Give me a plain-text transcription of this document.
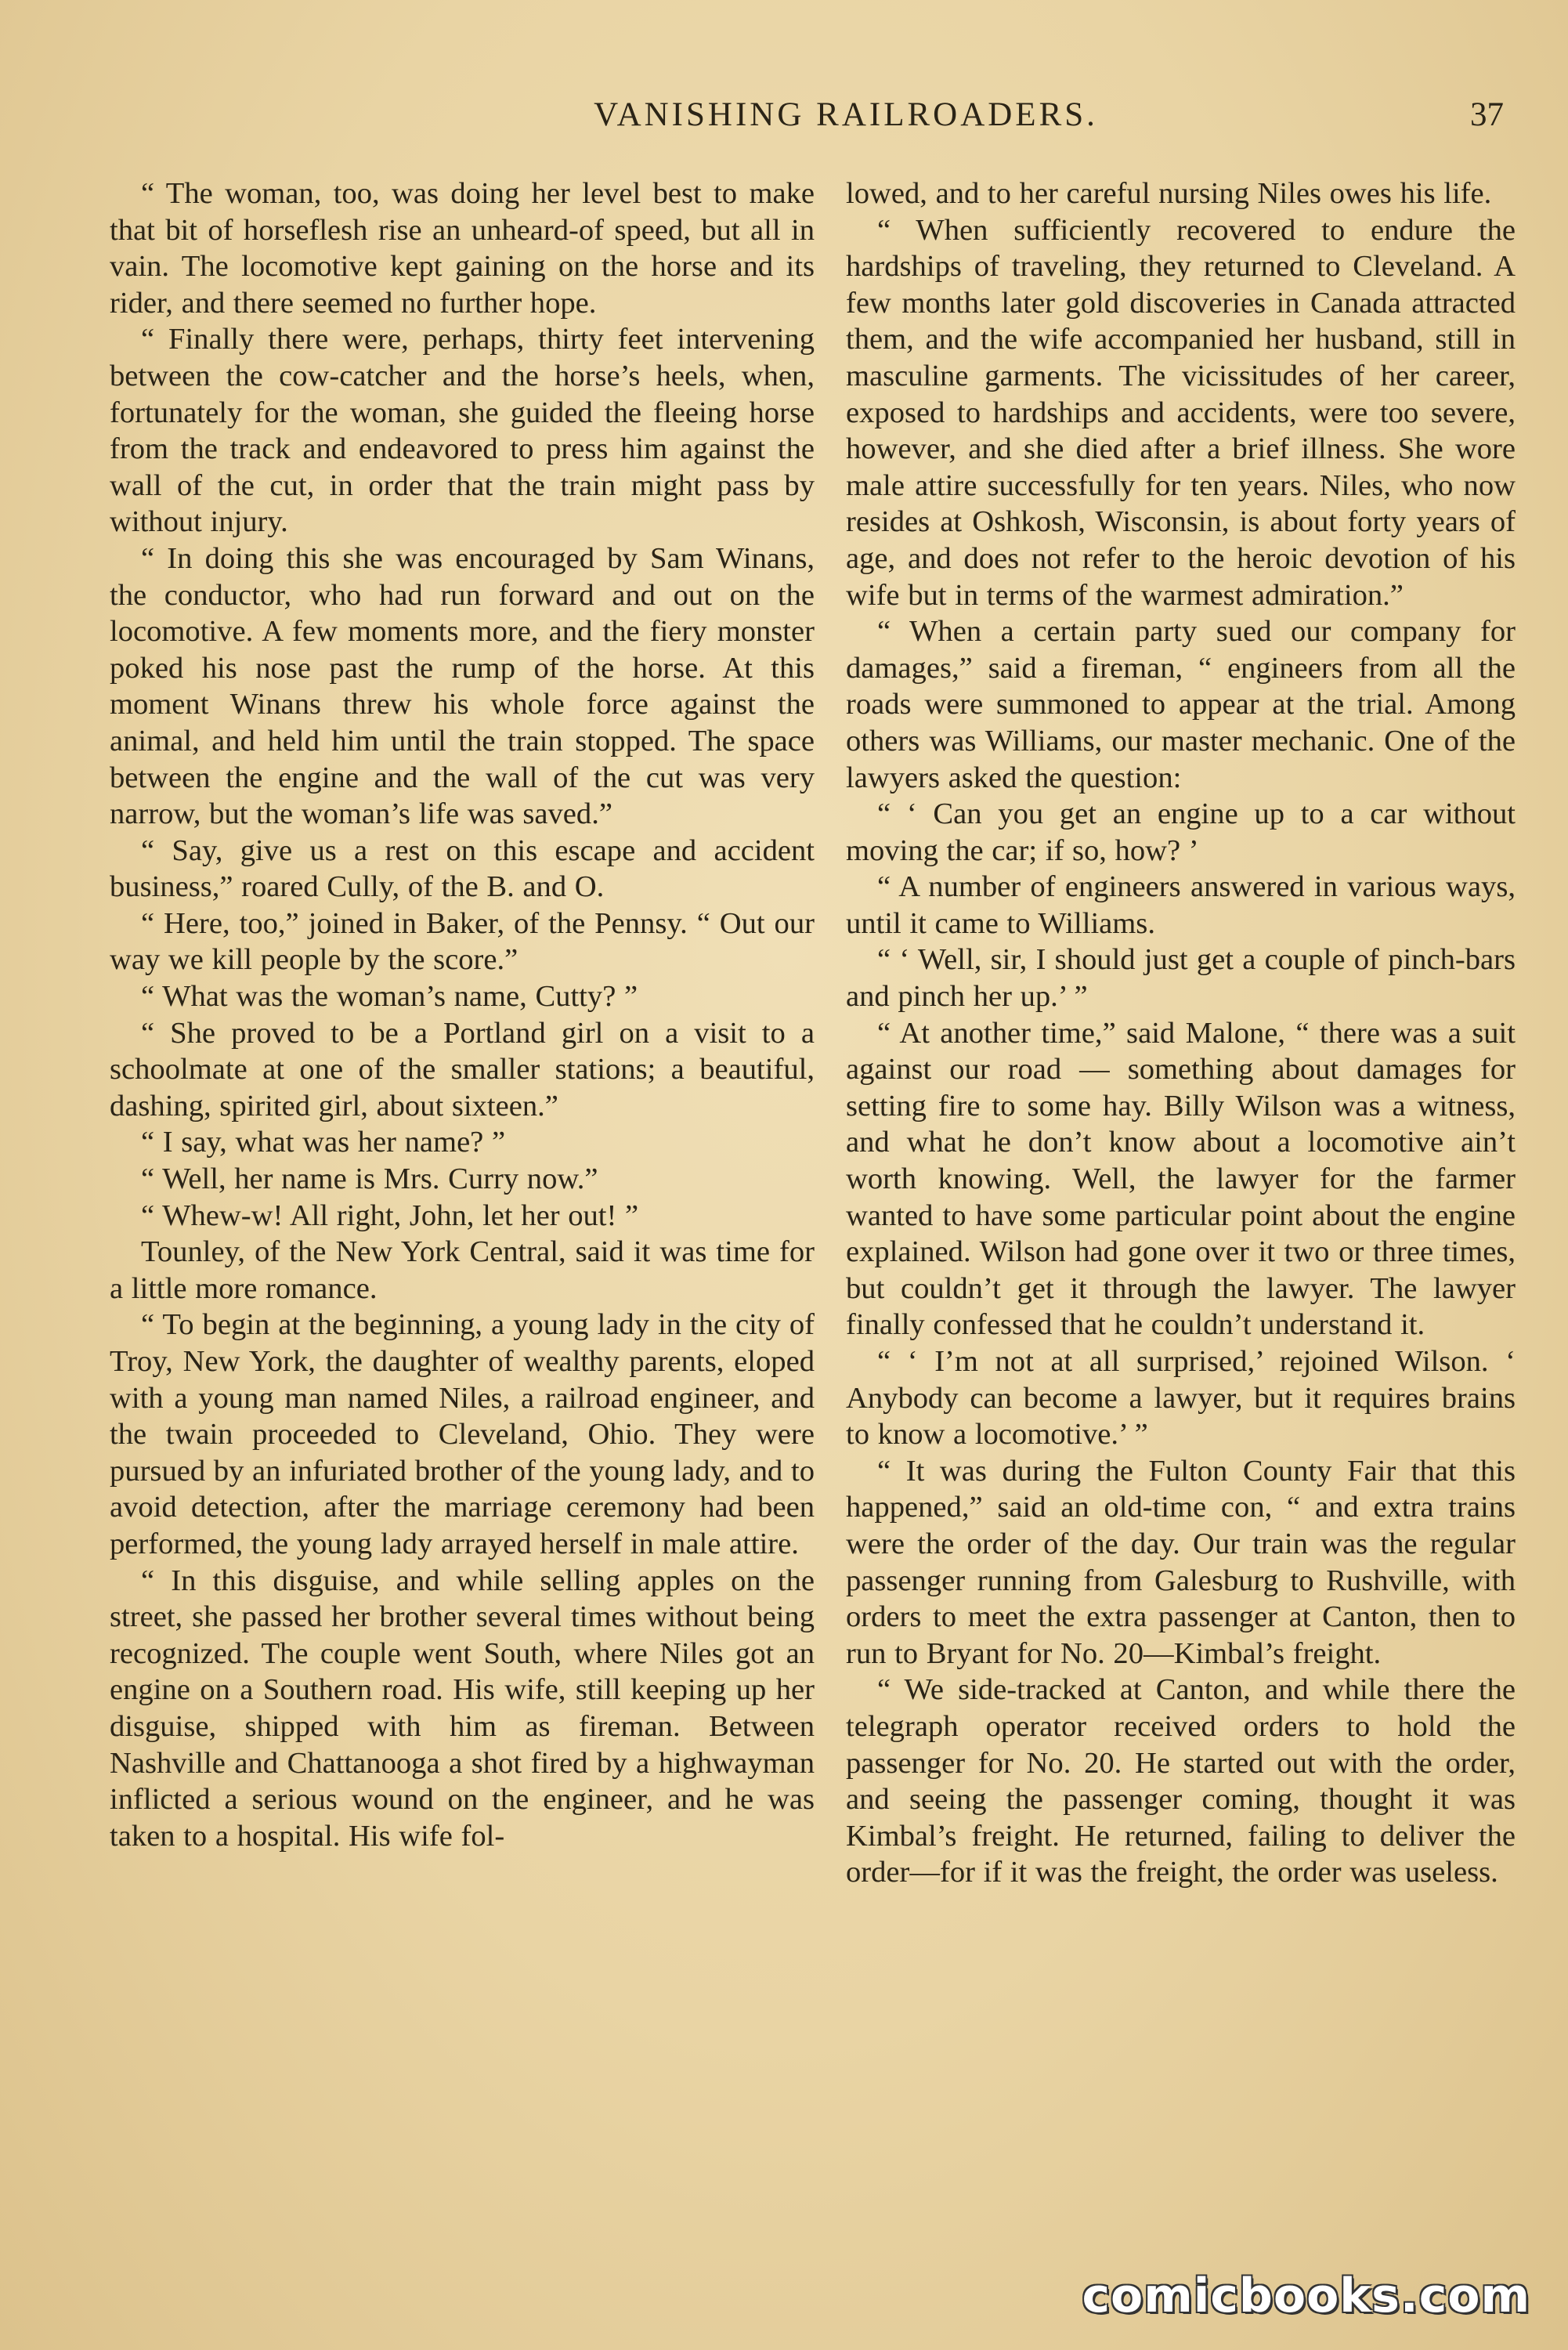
VANISHING RAILROADERS.	37

“ The woman, too, was doing her level best to make that bit of horseflesh rise an unheard-of speed, but all in vain. The locomotive kept gaining on the horse and its rider, and there seemed no further hope.

“ Finally there were, perhaps, thirty feet intervening between the cow-catcher and the horse’s heels, when, fortunately for the woman, she guided the fleeing horse from the track and endeavored to press him against the wall of the cut, in order that the train might pass by without injury.

“ In doing this she was encouraged by Sam Winans, the conductor, who had run forward and out on the locomotive. A few moments more, and the fiery monster poked his nose past the rump of the horse. At this moment Winans threw his whole force against the animal, and held him until the train stopped. The space between the engine and the wall of the cut was very narrow, but the woman’s life was saved.”

“ Say, give us a rest on this escape and accident business,” roared Cully, of the B. and O.

“ Here, too,” joined in Baker, of the Pennsy. “ Out our way we kill people by the score.”

“ What was the woman’s name, Cutty? ”

“ She proved to be a Portland girl on a visit to a schoolmate at one of the smaller stations; a beautiful, dashing, spirited girl, about sixteen.”

“ I say, what was her name? ”

“ Well, her name is Mrs. Curry now.”

“ Whew-w! All right, John, let her out! ”

Tounley, of the New York Central, said it was time for a little more romance.

“ To begin at the beginning, a young lady in the city of Troy, New York, the daughter of wealthy parents, eloped with a young man named Niles, a railroad engineer, and the twain proceeded to Cleveland, Ohio. They were pursued by an infuriated brother of the young lady, and to avoid detection, after the marriage ceremony had been performed, the young lady arrayed herself in male attire.

“ In this disguise, and while selling apples on the street, she passed her brother several times without being recognized. The couple went South, where Niles got an engine on a Southern road. His wife, still keeping up her disguise, shipped with him as fireman. Between Nashville and Chattanooga a shot fired by a highwayman inflicted a serious wound on the engineer, and he was taken to a hospital. His wife fol-

lowed, and to her careful nursing Niles owes his life.

“ When sufficiently recovered to endure the hardships of traveling, they returned to Cleveland. A few months later gold discoveries in Canada attracted them, and the wife accompanied her husband, still in masculine garments. The vicissitudes of her career, exposed to hardships and accidents, were too severe, however, and she died after a brief illness. She wore male attire successfully for ten years. Niles, who now resides at Oshkosh, Wisconsin, is about forty years of age, and does not refer to the heroic devotion of his wife but in terms of the warmest admiration.”

“ When a certain party sued our company for damages,” said a fireman, “ engineers from all the roads were summoned to appear at the trial. Among others was Williams, our master mechanic. One of the lawyers asked the question:

“ ‘ Can you get an engine up to a car without moving the car; if so, how? ’

“ A number of engineers answered in various ways, until it came to Williams.

“ ‘ Well, sir, I should just get a couple of pinch-bars and pinch her up.’ ”

“ At another time,” said Malone, “ there was a suit against our road — something about damages for setting fire to some hay. Billy Wilson was a witness, and what he don’t know about a locomotive ain’t worth knowing. Well, the lawyer for the farmer wanted to have some particular point about the engine explained. Wilson had gone over it two or three times, but couldn’t get it through the lawyer. The lawyer finally confessed that he couldn’t understand it.

“ ‘ I’m not at all surprised,’ rejoined Wilson. ‘ Anybody can become a lawyer, but it requires brains to know a locomotive.’ ”

“ It was during the Fulton County Fair that this happened,” said an old-time con, “ and extra trains were the order of the day. Our train was the regular passenger running from Galesburg to Rushville, with orders to meet the extra passenger at Canton, then to run to Bryant for No. 20—Kimbal’s freight.

“ We side-tracked at Canton, and while there the telegraph operator received orders to hold the passenger for No. 20. He started out with the order, and seeing the passenger coming, thought it was Kimbal’s freight. He returned, failing to deliver the order—for if it was the freight, the order was useless.

comicbooks.com
